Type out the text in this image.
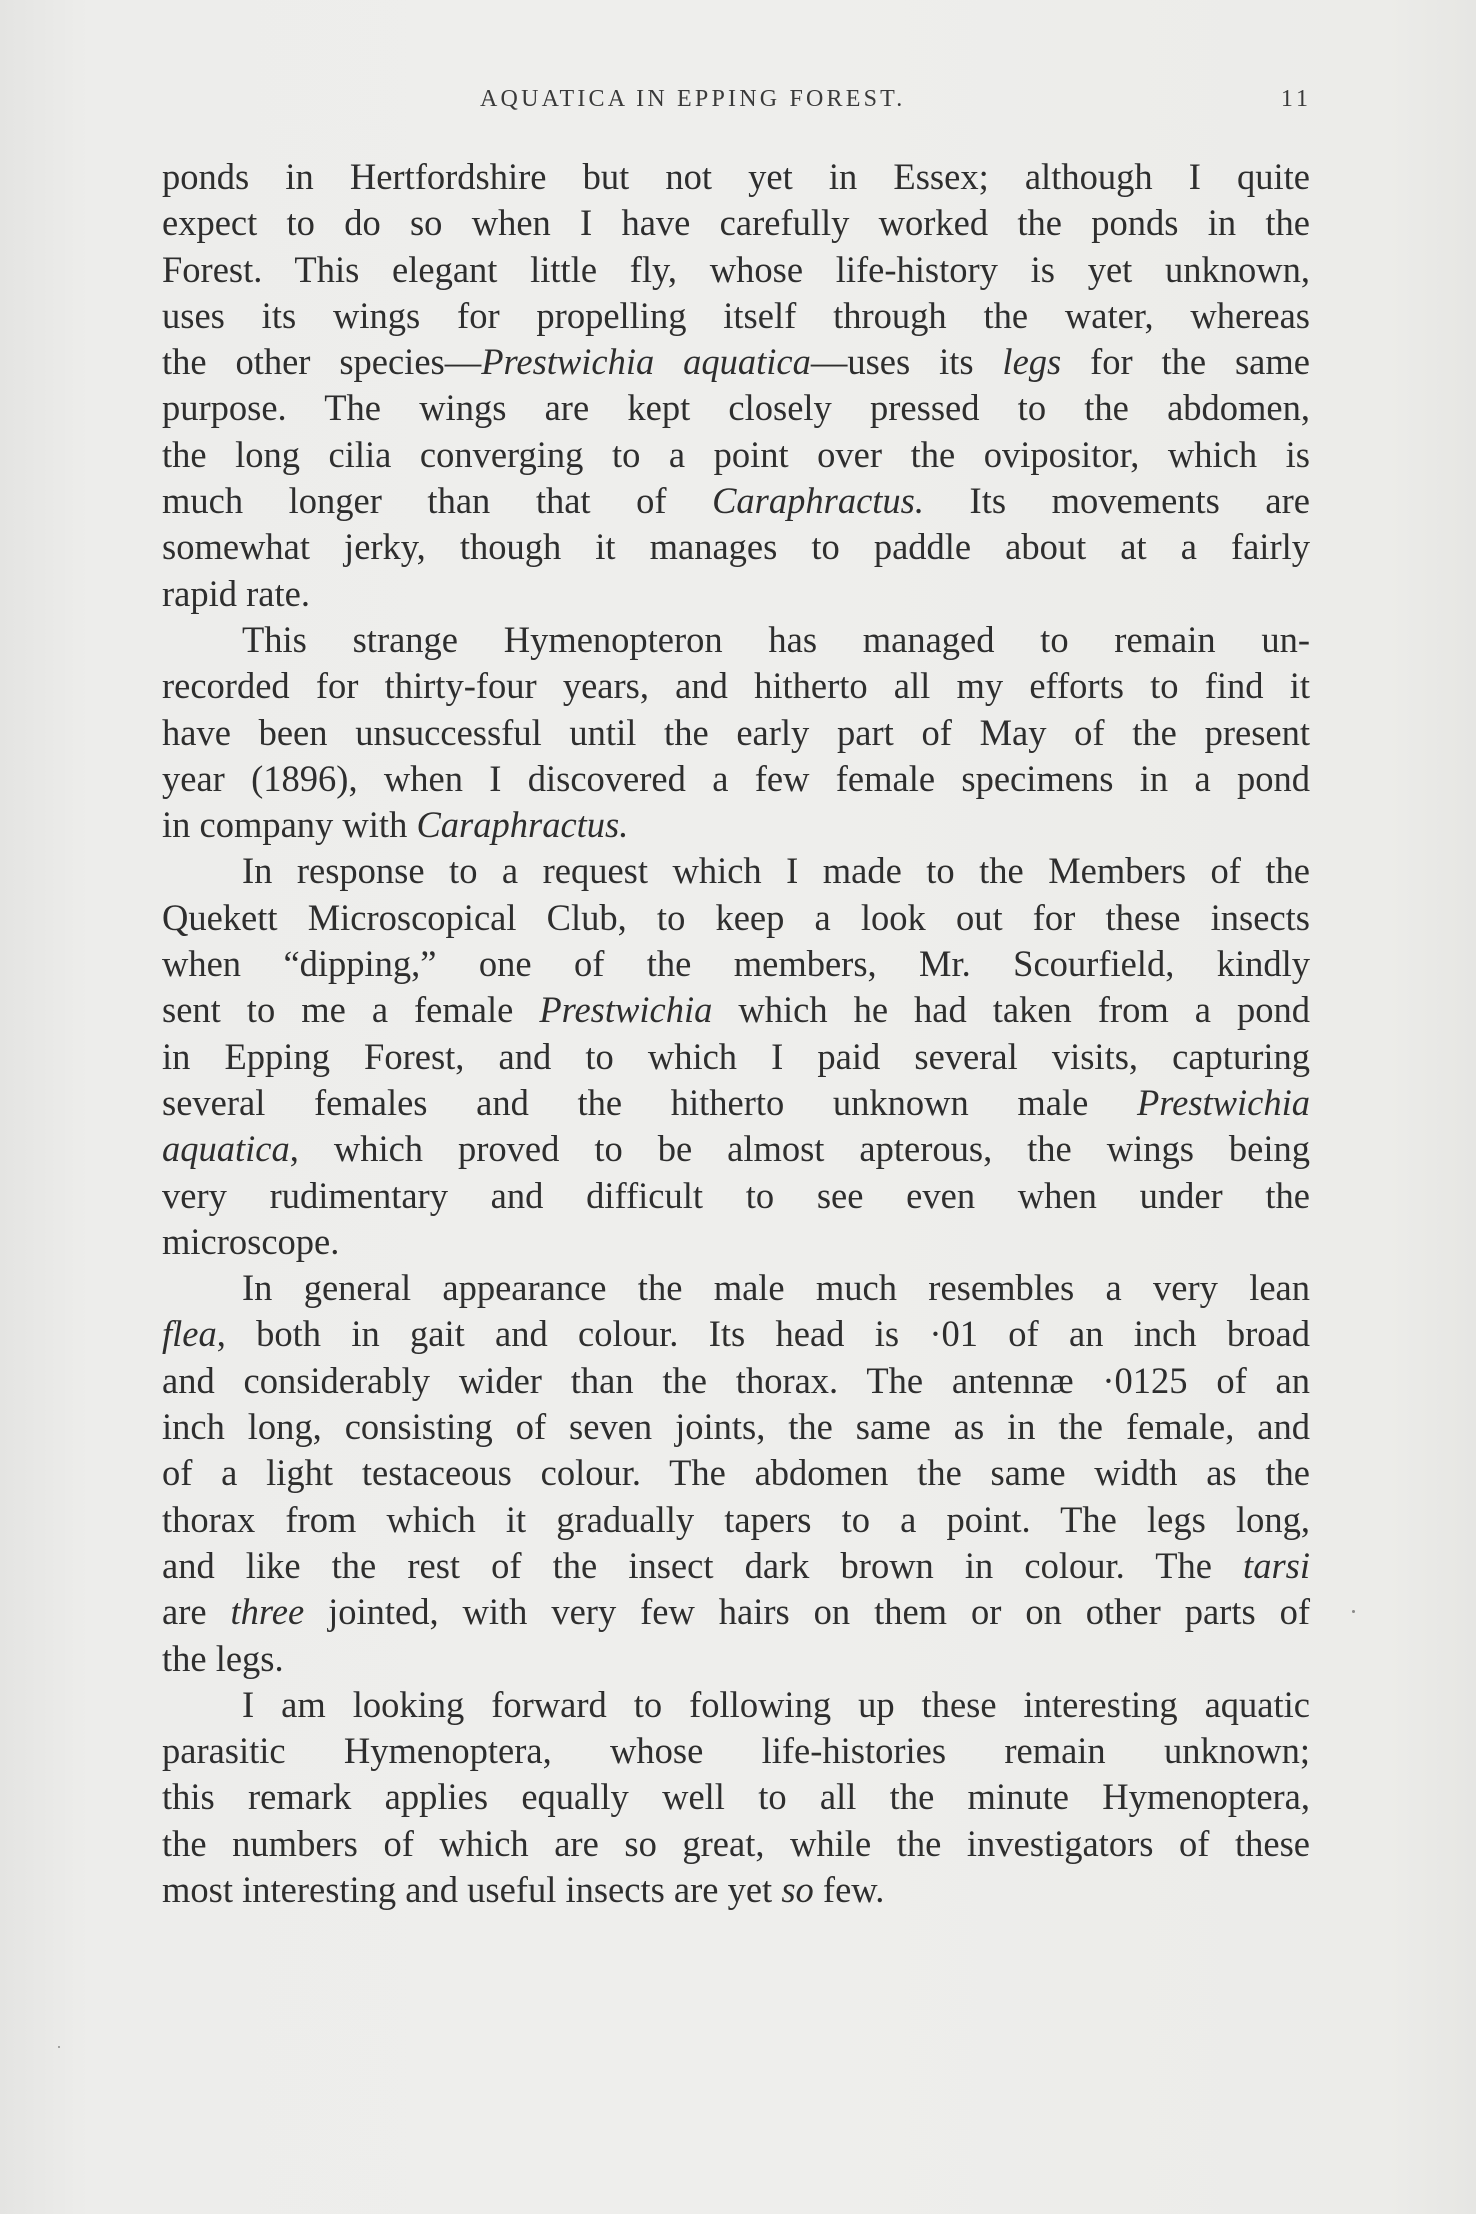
AQUATICA IN EPPING FOREST.	11
ponds in Hertfordshire but not yet in Essex; although I quite
expect to do so when I have carefully worked the ponds in the
Forest. This elegant little fly, whose life-history is yet unknown,
uses its wings for propelling itself through the water, whereas
the other species—Prestwichia aquatica—uses its legs for the same
purpose. The wings are kept closely pressed to the abdomen,
the long cilia converging to a point over the ovipositor, which is
much longer than that of Caraphractus. Its movements are
somewhat jerky, though it manages to paddle about at a fairly
rapid rate.
This strange Hymenopteron has managed to remain un-
recorded for thirty-four years, and hitherto all my efforts to find it
have been unsuccessful until the early part of May of the present
year (1896), when I discovered a few female specimens in a pond
in company with Caraphractus.
In response to a request which I made to the Members of the
Quekett Microscopical Club, to keep a look out for these insects
when “dipping,” one of the members, Mr. Scourfield, kindly
sent to me a female Prestwichia which he had taken from a pond
in Epping Forest, and to which I paid several visits, capturing
several females and the hitherto unknown male Prestwichia
aquatica, which proved to be almost apterous, the wings being
very rudimentary and difficult to see even when under the
microscope.
In general appearance the male much resembles a very lean
flea, both in gait and colour. Its head is ·01 of an inch broad
and considerably wider than the thorax. The antennæ ·0125 of an
inch long, consisting of seven joints, the same as in the female, and
of a light testaceous colour. The abdomen the same width as the
thorax from which it gradually tapers to a point. The legs long,
and like the rest of the insect dark brown in colour. The tarsi
are three jointed, with very few hairs on them or on other parts of
the legs.
I am looking forward to following up these interesting aquatic
parasitic Hymenoptera, whose life-histories remain unknown;
this remark applies equally well to all the minute Hymenoptera,
the numbers of which are so great, while the investigators of these
most interesting and useful insects are yet so few.
